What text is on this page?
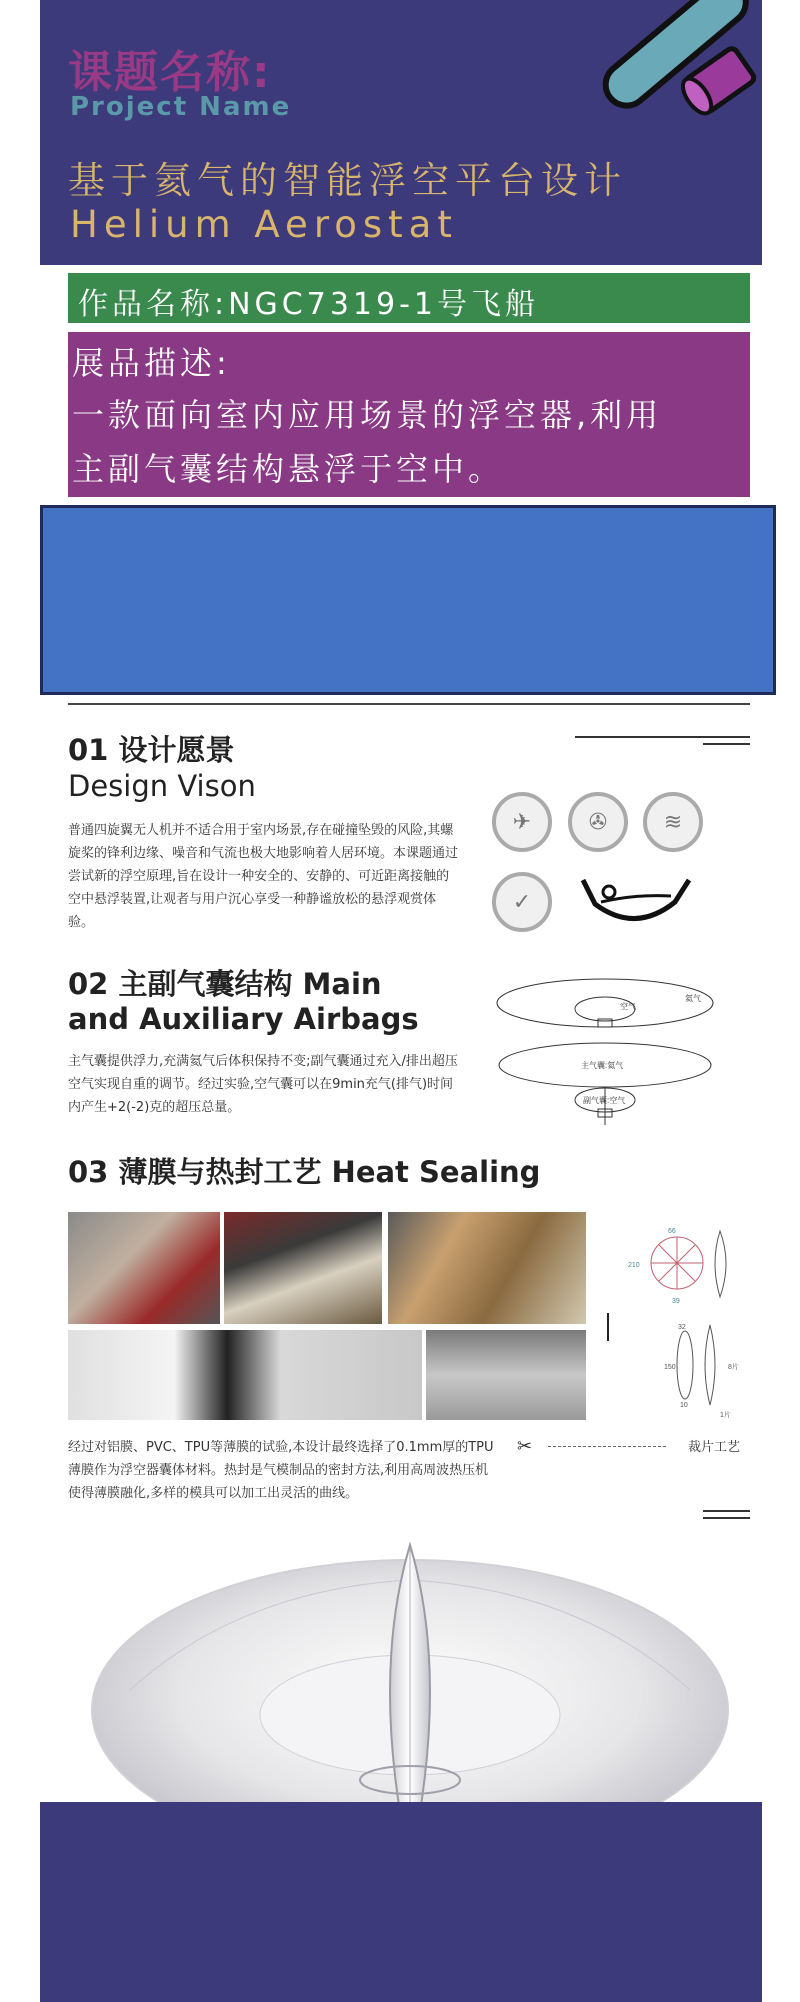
课题名称:
Project Name
基于氦气的智能浮空平台设计
Helium Aerostat
作品名称:NGC7319-1号飞船
展品描述:
一款面向室内应用场景的浮空器,利用
主副气囊结构悬浮于空中。
01 设计愿景
Design Vison
普通四旋翼无人机并不适合用于室内场景,存在碰撞坠毁的风险,其螺旋桨的锋利边缘、噪音和气流也极大地影响着人居环境。本课题通过尝试新的浮空原理,旨在设计一种安全的、安静的、可近距离接触的空中悬浮装置,让观者与用户沉心享受一种静谧放松的悬浮观赏体验。
✈	✇	≋
✓
02 主副气囊结构 Main
and Auxiliary Airbags
主气囊提供浮力,充满氦气后体积保持不变;副气囊通过充入/排出超压空气实现自重的调节。经过实验,空气囊可以在9min充气(排气)时间内产生+2(-2)克的超压总量。
空气
氦气
主气囊:氦气
副气囊:空气
03 薄膜与热封工艺 Heat Sealing
66
210
39
32
150
10
8片
1片
经过对铝膜、PVC、TPU等薄膜的试验,本设计最终选择了0.1mm厚的TPU薄膜作为浮空器囊体材料。热封是气模制品的密封方法,利用高周波热压机使得薄膜融化,多样的模具可以加工出灵活的曲线。
✂	裁片工艺
